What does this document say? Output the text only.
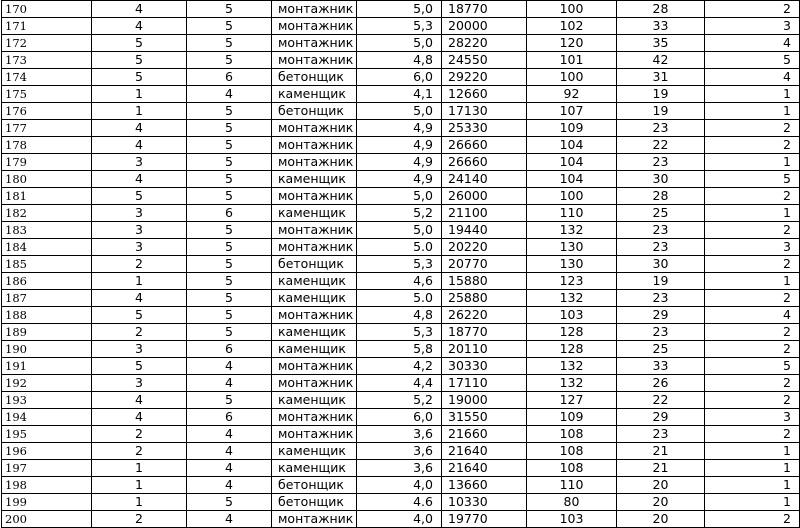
170	4	5	монтажник	5,0	18770	100	28	2
171	4	5	монтажник	5,3	20000	102	33	3
172	5	5	монтажник	5,0	28220	120	35	4
173	5	5	монтажник	4,8	24550	101	42	5
174	5	6	бетонщик	6,0	29220	100	31	4
175	1	4	каменщик	4,1	12660	92	19	1
176	1	5	бетонщик	5,0	17130	107	19	1
177	4	5	монтажник	4,9	25330	109	23	2
178	4	5	монтажник	4,9	26660	104	22	2
179	3	5	монтажник	4,9	26660	104	23	1
180	4	5	каменщик	4,9	24140	104	30	5
181	5	5	монтажник	5,0	26000	100	28	2
182	3	6	каменщик	5,2	21100	110	25	1
183	3	5	монтажник	5,0	19440	132	23	2
184	3	5	монтажник	5.0	20220	130	23	3
185	2	5	бетонщик	5,3	20770	130	30	2
186	1	5	каменщик	4,6	15880	123	19	1
187	4	5	каменщик	5.0	25880	132	23	2
188	5	5	монтажник	4,8	26220	103	29	4
189	2	5	каменщик	5,3	18770	128	23	2
190	3	6	каменщик	5,8	20110	128	25	2
191	5	4	монтажник	4,2	30330	132	33	5
192	3	4	монтажник	4,4	17110	132	26	2
193	4	5	каменщик	5,2	19000	127	22	2
194	4	6	монтажник	6,0	31550	109	29	3
195	2	4	монтажник	3,6	21660	108	23	2
196	2	4	каменщик	3,6	21640	108	21	1
197	1	4	каменщик	3,6	21640	108	21	1
198	1	4	бетонщик	4,0	13660	110	20	1
199	1	5	бетонщик	4.6	10330	80	20	1
200	2	4	монтажник	4,0	19770	103	20	2
